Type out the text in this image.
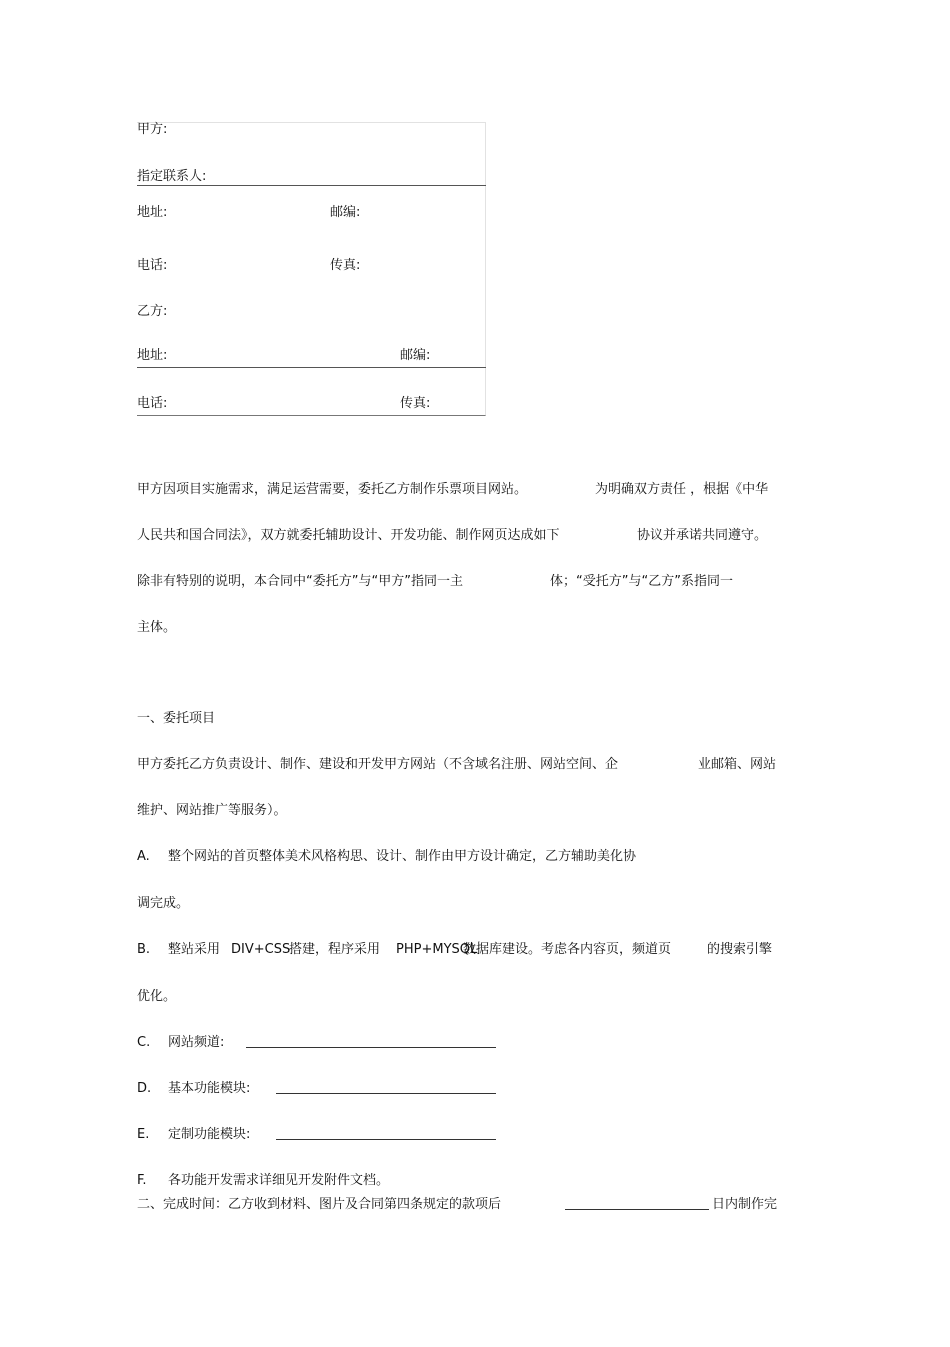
甲方:
指定联系人:
地址:	邮编:
电话:	传真:
乙方:
地址:	邮编:
电话:	传真:
甲方因项目实施需求，满足运营需要，委托乙方制作乐票项目网站。	为明确双方责任 ，根据《中华
人民共和国合同法》，双方就委托辅助设计、开发功能、制作网页达成如下	协议并承诺共同遵守。
除非有特别的说明，本合同中“委托方”与“甲方”指同一主	体；“受托方”与“乙方”系指同一
主体。
一、委托项目
甲方委托乙方负责设计、制作、建设和开发甲方网站（不含域名注册、网站空间、企	业邮箱、网站
维护、网站推广等服务）。
A. 整个网站的首页整体美术风格构思、设计、制作由甲方设计确定，乙方辅助美化协
调完成。
B. 整站采用 DIV+CSS
搭建，程序采用 PHP+MYSQL
数据库建设。考虑各内容页，频道页	的搜索引擎
优化。
C. 网站频道:
D. 基本功能模块:
E. 定制功能模块:
F. 各功能开发需求详细见开发附件文档。
二、完成时间：乙方收到材料、图片及合同第四条规定的款项后	日内制作完
